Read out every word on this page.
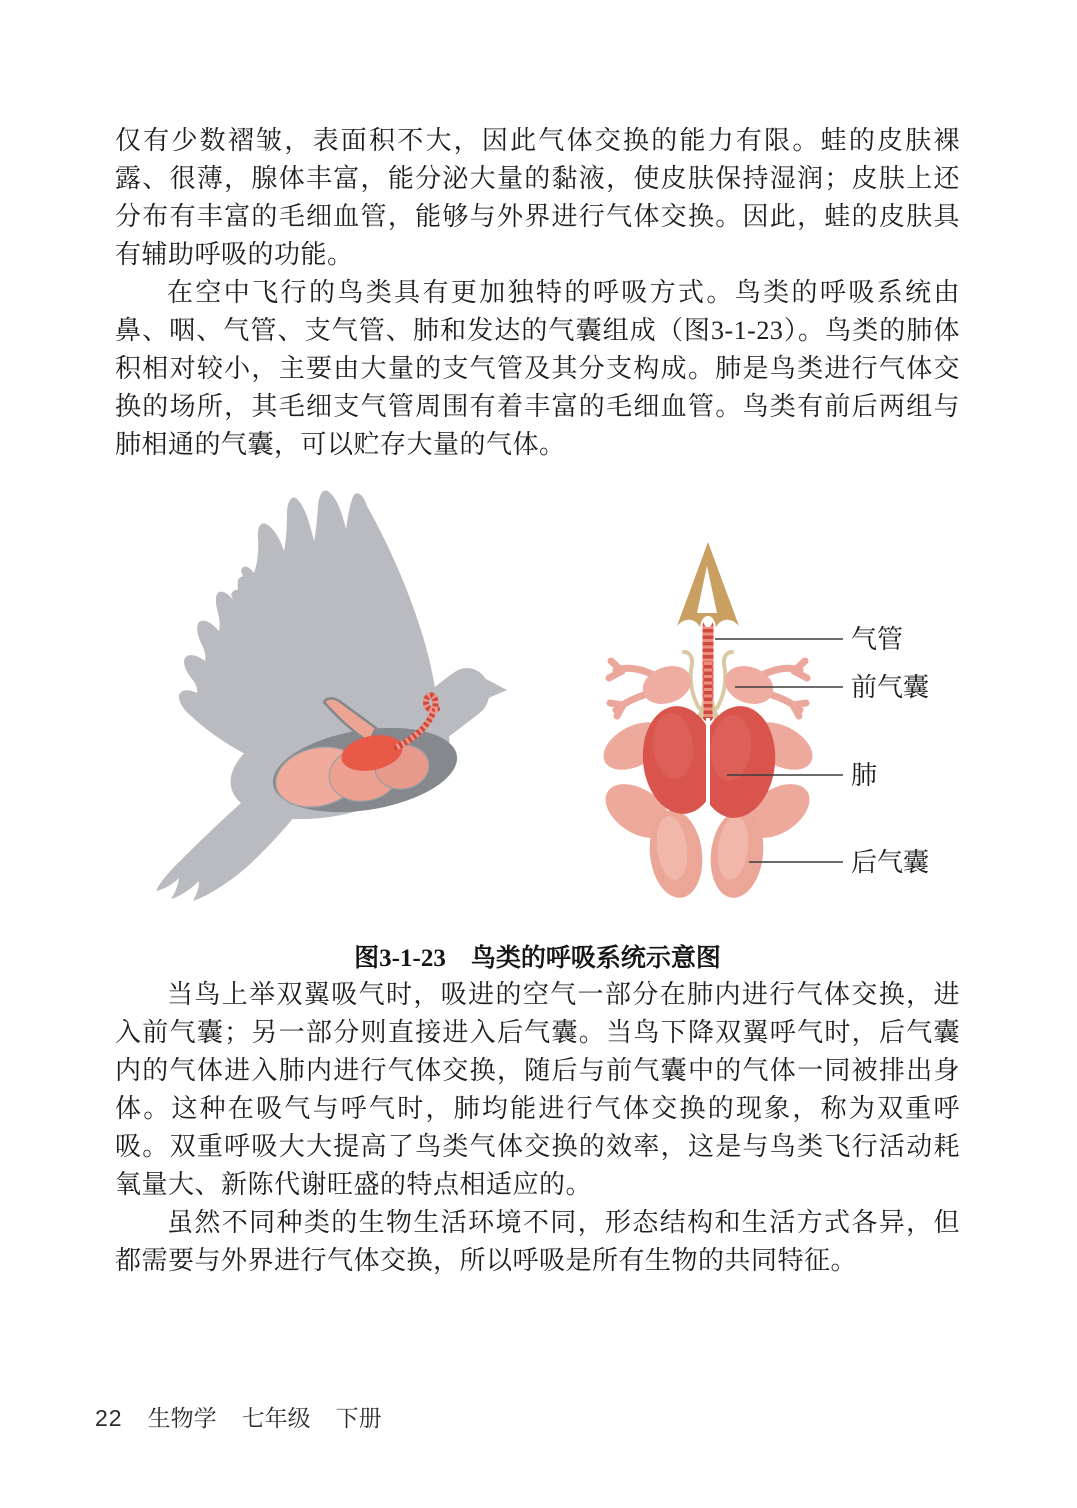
仅有少数褶皱，表面积不大，因此气体交换的能力有限。蛙的皮肤裸露、很薄，腺体丰富，能分泌大量的黏液，使皮肤保持湿润；皮肤上还分布有丰富的毛细血管，能够与外界进行气体交换。因此，蛙的皮肤具有辅助呼吸的功能。

在空中飞行的鸟类具有更加独特的呼吸方式。鸟类的呼吸系统由鼻、咽、气管、支气管、肺和发达的气囊组成（图3-1-23）。鸟类的肺体积相对较小，主要由大量的支气管及其分支构成。肺是鸟类进行气体交换的场所，其毛细支气管周围有着丰富的毛细血管。鸟类有前后两组与肺相通的气囊，可以贮存大量的气体。

气管
前气囊
肺
后气囊
图3-1-23　鸟类的呼吸系统示意图

当鸟上举双翼吸气时，吸进的空气一部分在肺内进行气体交换，进入前气囊；另一部分则直接进入后气囊。当鸟下降双翼呼气时，后气囊内的气体进入肺内进行气体交换，随后与前气囊中的气体一同被排出身体。这种在吸气与呼气时，肺均能进行气体交换的现象，称为双重呼吸。双重呼吸大大提高了鸟类气体交换的效率，这是与鸟类飞行活动耗氧量大、新陈代谢旺盛的特点相适应的。

虽然不同种类的生物生活环境不同，形态结构和生活方式各异，但都需要与外界进行气体交换，所以呼吸是所有生物的共同特征。

22 生物学 七年级 下册
